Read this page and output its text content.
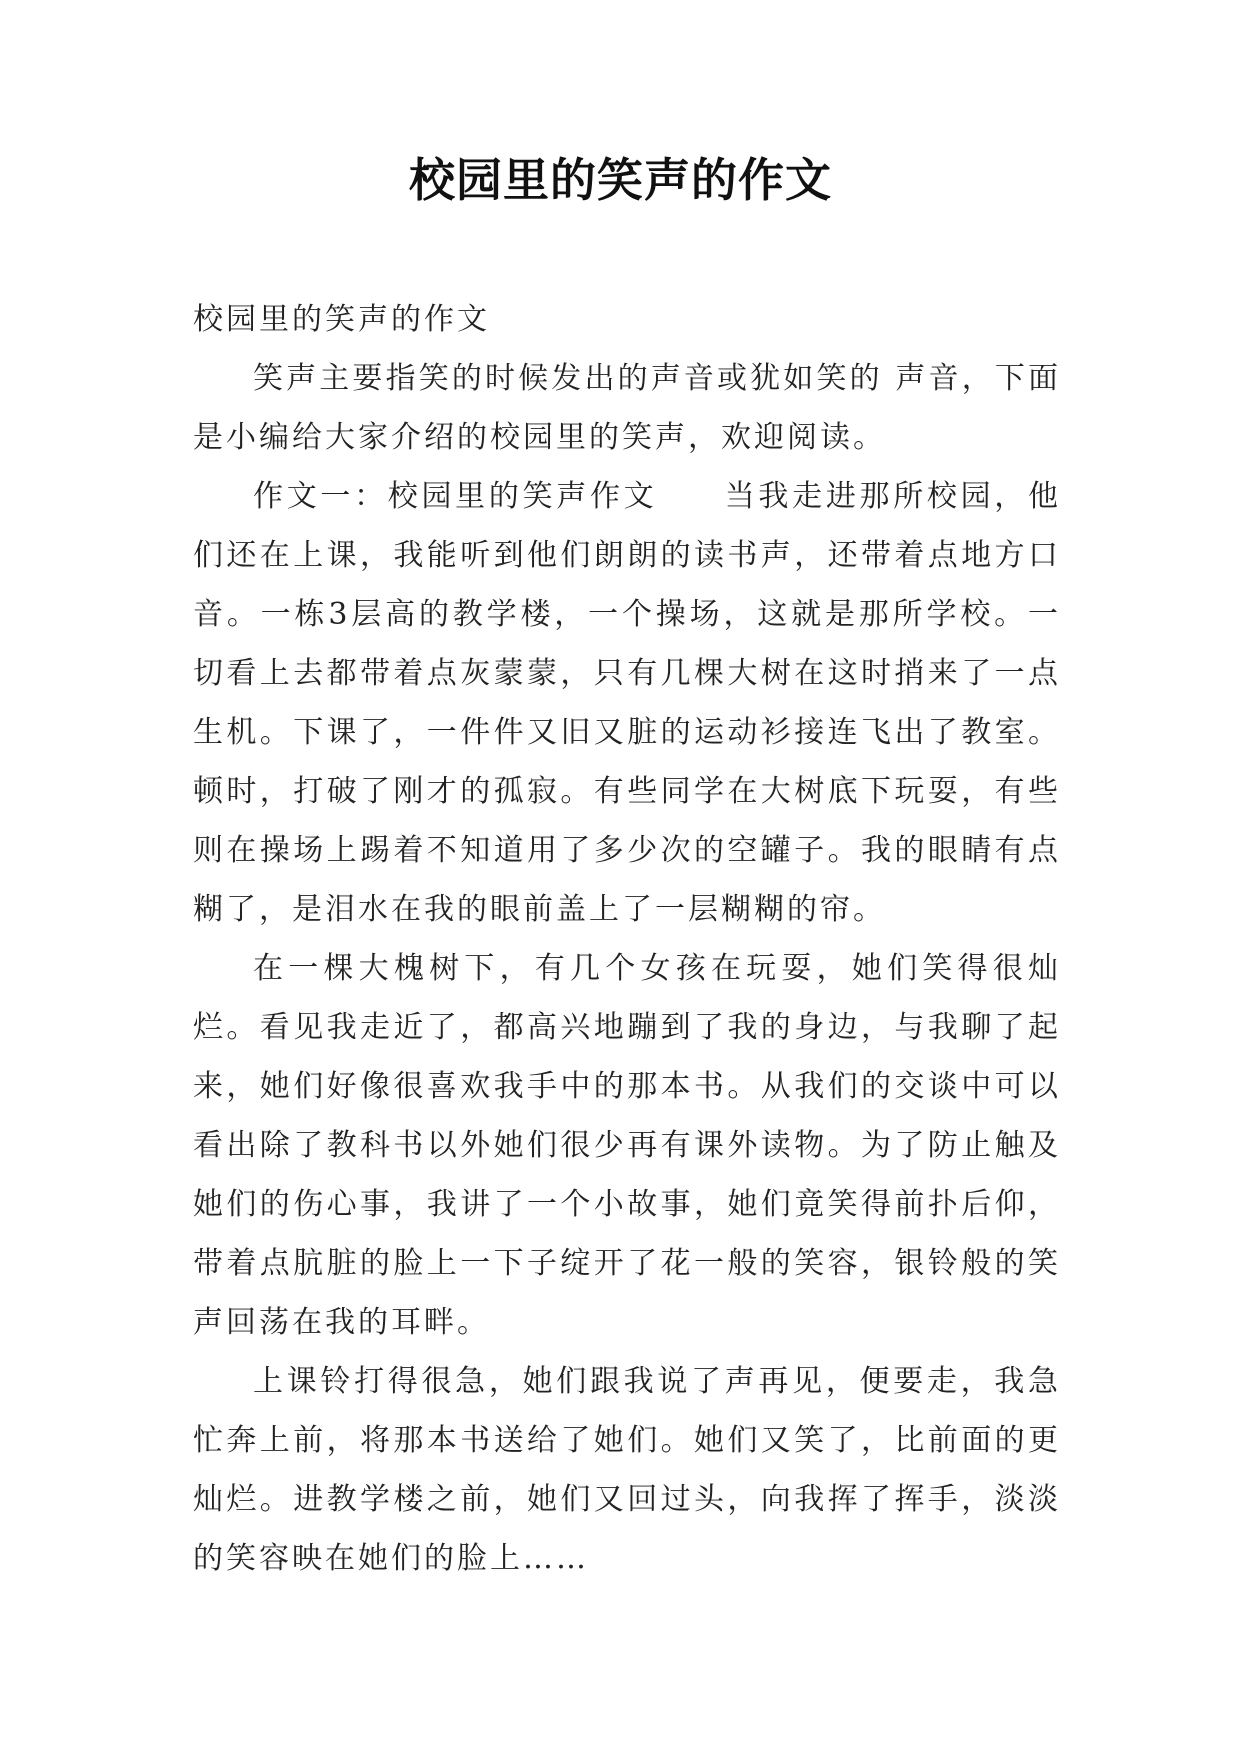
校园里的笑声的作文

校园里的笑声的作文

笑声主要指笑的时候发出的声音或犹如笑的 声音，下面是小编给大家介绍的校园里的笑声，欢迎阅读。

作文一：校园里的笑声作文　　当我走进那所校园，他们还在上课，我能听到他们朗朗的读书声，还带着点地方口音。一栋3层高的教学楼，一个操场，这就是那所学校。一切看上去都带着点灰蒙蒙，只有几棵大树在这时捎来了一点生机。下课了，一件件又旧又脏的运动衫接连飞出了教室。顿时，打破了刚才的孤寂。有些同学在大树底下玩耍，有些则在操场上踢着不知道用了多少次的空罐子。我的眼睛有点糊了，是泪水在我的眼前盖上了一层糊糊的帘。

在一棵大槐树下，有几个女孩在玩耍，她们笑得很灿烂。看见我走近了，都高兴地蹦到了我的身边，与我聊了起来，她们好像很喜欢我手中的那本书。从我们的交谈中可以看出除了教科书以外她们很少再有课外读物。为了防止触及她们的伤心事，我讲了一个小故事，她们竟笑得前扑后仰，带着点肮脏的脸上一下子绽开了花一般的笑容，银铃般的笑声回荡在我的耳畔。

上课铃打得很急，她们跟我说了声再见，便要走，我急忙奔上前，将那本书送给了她们。她们又笑了，比前面的更灿烂。进教学楼之前，她们又回过头，向我挥了挥手，淡淡的笑容映在她们的脸上……
